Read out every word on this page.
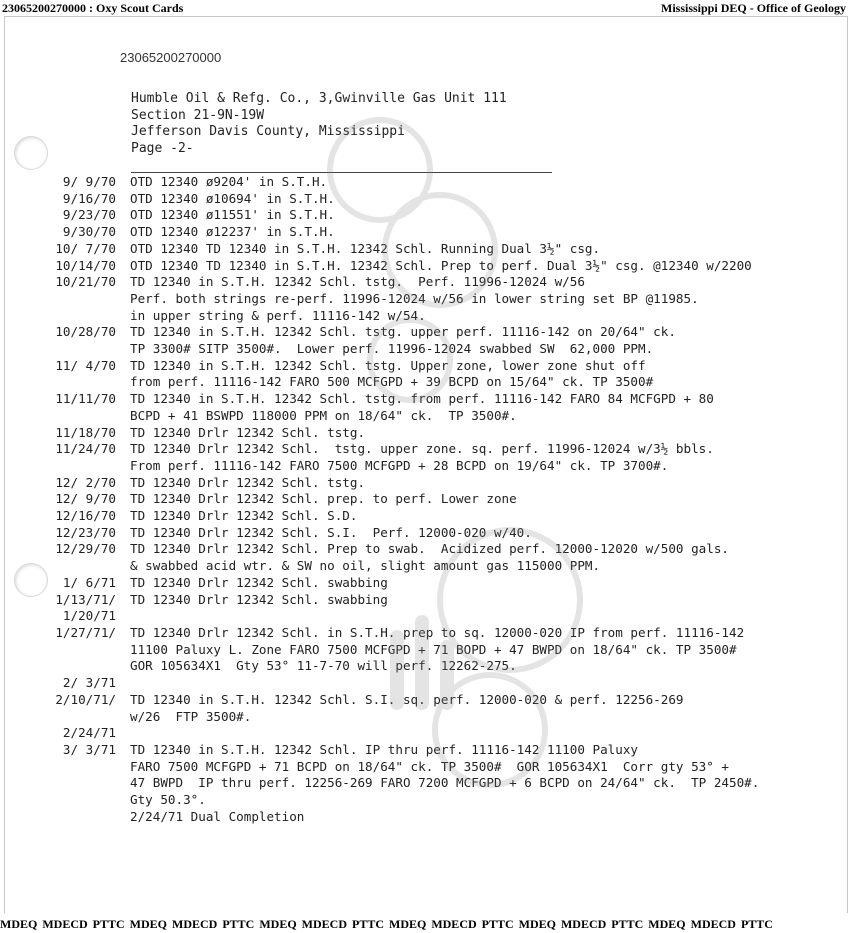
23065200270000 : Oxy Scout Cards	Mississippi DEQ - Office of Geology
23065200270000
Humble Oil & Refg. Co., 3,Gwinville Gas Unit 111
Section 21-9N-19W
Jefferson Davis County, Mississippi
Page -2-
9/ 9/70 OTD 12340 ø9204' in S.T.H.
9/16/70 OTD 12340 ø10694' in S.T.H.
9/23/70 OTD 12340 ø11551' in S.T.H.
9/30/70 OTD 12340 ø12237' in S.T.H.
10/ 7/70 OTD 12340 TD 12340 in S.T.H. 12342 Schl. Running Dual 3½" csg.
10/14/70 OTD 12340 TD 12340 in S.T.H. 12342 Schl. Prep to perf. Dual 3½" csg. @12340 w/2200
10/21/70 TD 12340 in S.T.H. 12342 Schl. tstg.  Perf. 11996-12024 w/56
Perf. both strings re-perf. 11996-12024 w/56 in lower string set BP @11985.
in upper string & perf. 11116-142 w/54.
10/28/70 TD 12340 in S.T.H. 12342 Schl. tstg. upper perf. 11116-142 on 20/64" ck.
TP 3300# SITP 3500#.  Lower perf. 11996-12024 swabbed SW  62,000 PPM.
11/ 4/70 TD 12340 in S.T.H. 12342 Schl. tstg. Upper zone, lower zone shut off
from perf. 11116-142 FARO 500 MCFGPD + 39 BCPD on 15/64" ck. TP 3500#
11/11/70 TD 12340 in S.T.H. 12342 Schl. tstg. from perf. 11116-142 FARO 84 MCFGPD + 80
BCPD + 41 BSWPD 118000 PPM on 18/64" ck.  TP 3500#.
11/18/70 TD 12340 Drlr 12342 Schl. tstg.
11/24/70 TD 12340 Drlr 12342 Schl.  tstg. upper zone. sq. perf. 11996-12024 w/3½ bbls.
From perf. 11116-142 FARO 7500 MCFGPD + 28 BCPD on 19/64" ck. TP 3700#.
12/ 2/70 TD 12340 Drlr 12342 Schl. tstg.
12/ 9/70 TD 12340 Drlr 12342 Schl. prep. to perf. Lower zone
12/16/70 TD 12340 Drlr 12342 Schl. S.D.
12/23/70 TD 12340 Drlr 12342 Schl. S.I.  Perf. 12000-020 w/40.
12/29/70 TD 12340 Drlr 12342 Schl. Prep to swab.  Acidized perf. 12000-12020 w/500 gals.
& swabbed acid wtr. & SW no oil, slight amount gas 115000 PPM.
1/ 6/71 TD 12340 Drlr 12342 Schl. swabbing
1/13/71/ TD 12340 Drlr 12342 Schl. swabbing
1/20/71
1/27/71/ TD 12340 Drlr 12342 Schl. in S.T.H. prep to sq. 12000-020 IP from perf. 11116-142
11100 Paluxy L. Zone FARO 7500 MCFGPD + 71 BOPD + 47 BWPD on 18/64" ck. TP 3500#
GOR 105634X1  Gty 53° 11-7-70 will perf. 12262-275.
2/ 3/71
2/10/71/ TD 12340 in S.T.H. 12342 Schl. S.I. sq. perf. 12000-020 & perf. 12256-269
w/26  FTP 3500#.
2/24/71
3/ 3/71 TD 12340 in S.T.H. 12342 Schl. IP thru perf. 11116-142 11100 Paluxy
FARO 7500 MCFGPD + 71 BCPD on 18/64" ck. TP 3500#  GOR 105634X1  Corr gty 53° +
47 BWPD  IP thru perf. 12256-269 FARO 7200 MCFGPD + 6 BCPD on 24/64" ck.  TP 2450#.
Gty 50.3°.
2/24/71 Dual Completion
MDEQ MDECD PTTC MDEQ MDECD PTTC MDEQ MDECD PTTC MDEQ MDECD PTTC MDEQ MDECD PTTC MDEQ MDECD PTTC
